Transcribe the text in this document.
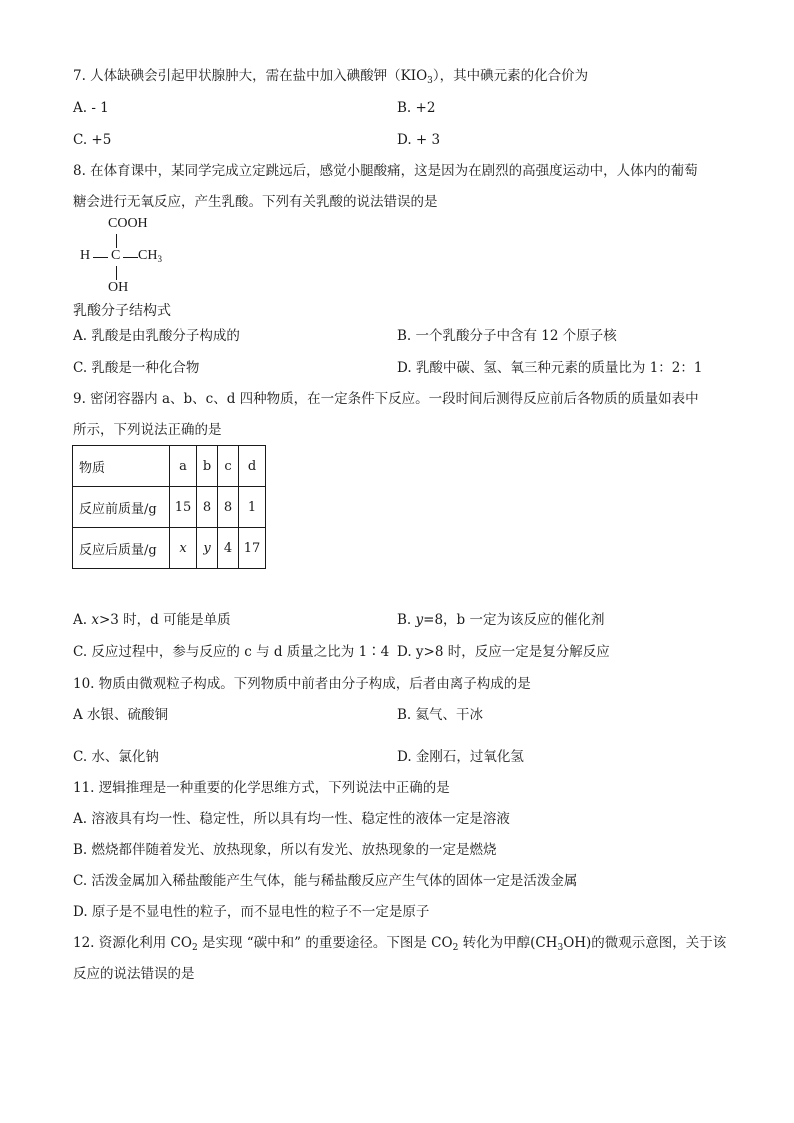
7. 人体缺碘会引起甲状腺肿大，需在盐中加入碘酸钾$(KIO_3)$，其中碘元素的化合价为
A. - 1	B. +2
C. +5	D. + 3
8. 在体育课中，某同学完成立定跳远后，感觉小腿酸痛，这是因为在剧烈的高强度运动中，人体内的葡萄
糖会进行无氧反应，产生乳酸。下列有关乳酸的说法错误的是
COOH
H C $CH_3$
OH
乳酸分子结构式
A. 乳酸是由乳酸分子构成的	B. 一个乳酸分子中含有 12 个原子核
C. 乳酸是一种化合物	D. 乳酸中碳、氢、氧三种元素的质量比为 1：2：1
9. 密闭容器内 a、b、c、d 四种物质，在一定条件下反应。一段时间后测得反应前后各物质的质量如表中
所示，下列说法正确的是
物质	a	b	c	d
反应前质量/g	15	8	8	1
反应后质量/g	x	y	4	17
A. x>3 时，d 可能是单质	B. y=8，b 一定为该反应的催化剂
C. 反应过程中，参与反应的 c 与 d 质量之比为 1∶4 D. y>8 时，反应一定是复分解反应
10. 物质由微观粒子构成。下列物质中前者由分子构成，后者由离子构成的是
A 水银、硫酸铜	B. 氦气、干冰
C. 水、氯化钠	D. 金刚石，过氧化氢
11. 逻辑推理是一种重要的化学思维方式，下列说法中正确的是
A. 溶液具有均一性、稳定性，所以具有均一性、稳定性的液体一定是溶液
B. 燃烧都伴随着发光、放热现象，所以有发光、放热现象的一定是燃烧
C. 活泼金属加入稀盐酸能产生气体，能与稀盐酸反应产生气体的固体一定是活泼金属
D. 原子是不显电性的粒子，而不显电性的粒子不一定是原子
12. 资源化利用 $CO_2$ 是实现 “碳中和” 的重要途径。下图是 $CO_2$ 转化为甲醇$(CH_3OH)$的微观示意图，关于该
反应的说法错误的是
